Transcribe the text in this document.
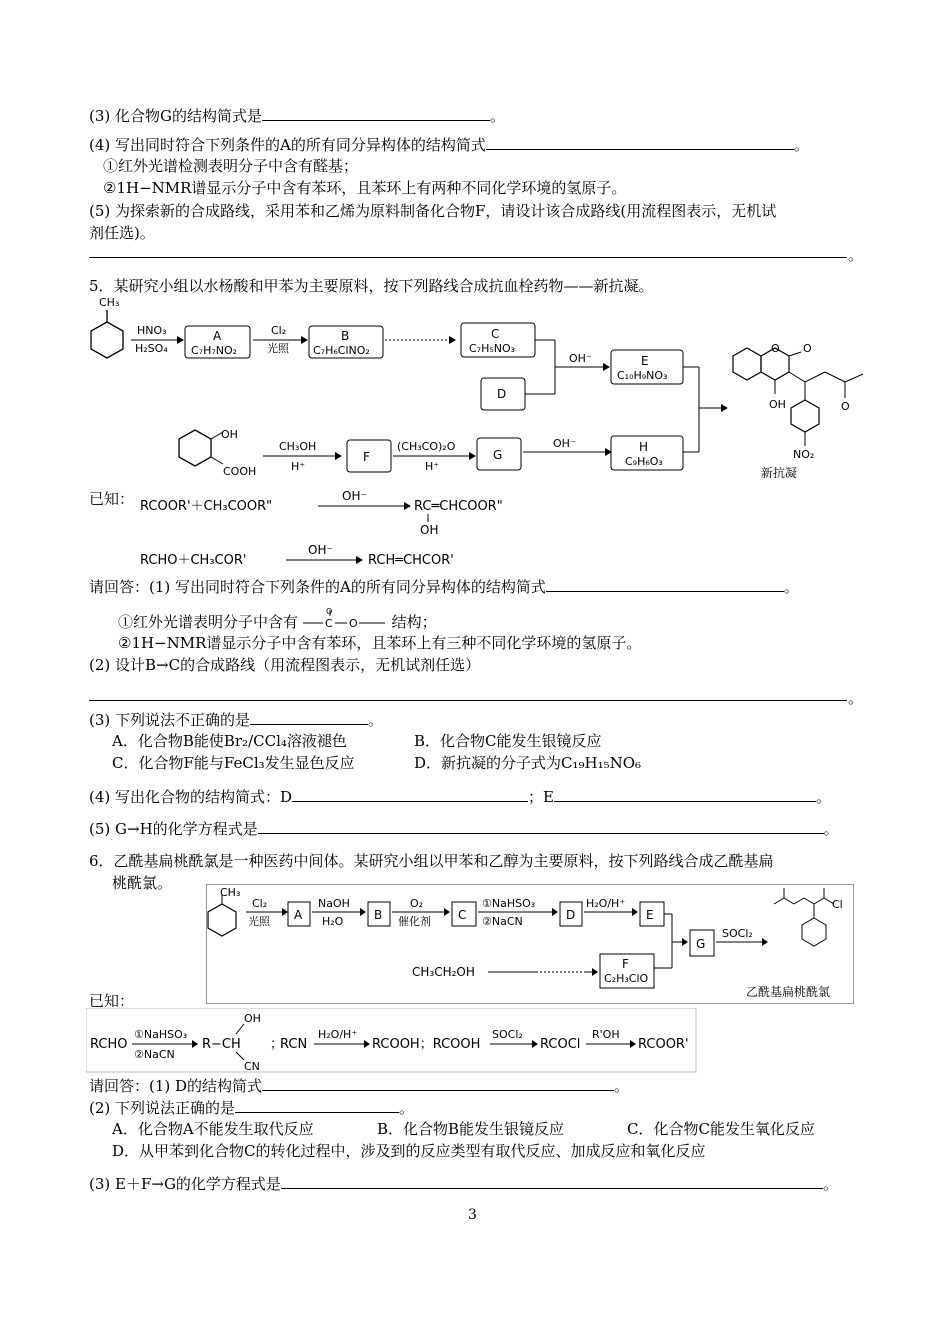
(3) 化合物G的结构简式是	。
(4) 写出同时符合下列条件的A的所有同分异构体的结构简式	。
①红外光谱检测表明分子中含有醛基；
②1H−NMR谱显示分子中含有苯环，且苯环上有两种不同化学环境的氢原子。
(5) 为探索新的合成路线，采用苯和乙烯为原料制备化合物F，请设计该合成路线(用流程图表示，无机试
剂任选)。
。
5．某研究小组以水杨酸和甲苯为主要原料，按下列路线合成抗血栓药物——新抗凝。
CH₃
HNO₃
H₂SO₄
A
C₇H₇NO₂
Cl₂
光照
B
C₇H₆ClNO₂
C
C₇H₅NO₃
D
OH⁻	E
C₁₀H₉NO₃
OH
COOH
CH₃OH
H⁺
F
(CH₃CO)₂O
H⁺
G
OH⁻	H
C₉H₆O₃
O O
OH	O
NO₂
新抗凝
已知： RCOOR'＋CH₃COOR"
OH⁻
RC═CHCOOR"
OH
RCHO＋CH₃COR'
OH⁻
RCH═CHCOR'
请回答：(1) 写出同时符合下列条件的A的所有同分异构体的结构简式	。
①红外光谱表明分子中含有 C
O
O 结构；
②1H−NMR谱显示分子中含有苯环，且苯环上有三种不同化学环境的氢原子。
(2) 设计B→C的合成路线（用流程图表示，无机试剂任选）
。
(3) 下列说法不正确的是	。
A．化合物B能使Br₂/CCl₄溶液褪色	B．化合物C能发生银镜反应
C．化合物F能与FeCl₃发生显色反应	D．新抗凝的分子式为C₁₉H₁₅NO₆
(4) 写出化合物的结构简式：D	；E	。
(5) G→H的化学方程式是	。
6．乙酰基扁桃酰氯是一种医药中间体。某研究小组以甲苯和乙醇为主要原料，按下列路线合成乙酰基扁
桃酰氯。
CH₃
Cl₂
光照 A
NaOH
H₂O	B
O₂
催化剂 C
①NaHSO₃
②NaCN	D
H₂O/H⁺
E
G
SOCl₂
Cl
乙酰基扁桃酰氯
CH₃CH₂OH
F
C₂H₃ClO
已知：
RCHO
①NaHSO₃
②NaCN
R−CH
OH
CN
；
RCN
H₂O/H⁺
RCOOH；RCOOH
SOCl₂
RCOCl
R'OH
RCOOR'
请回答：(1) D的结构简式	。
(2) 下列说法正确的是	。
A．化合物A不能发生取代反应	B．化合物B能发生银镜反应	C．化合物C能发生氧化反应
D．从甲苯到化合物C的转化过程中，涉及到的反应类型有取代反应、加成反应和氧化反应
(3) E＋F→G的化学方程式是	。
3
